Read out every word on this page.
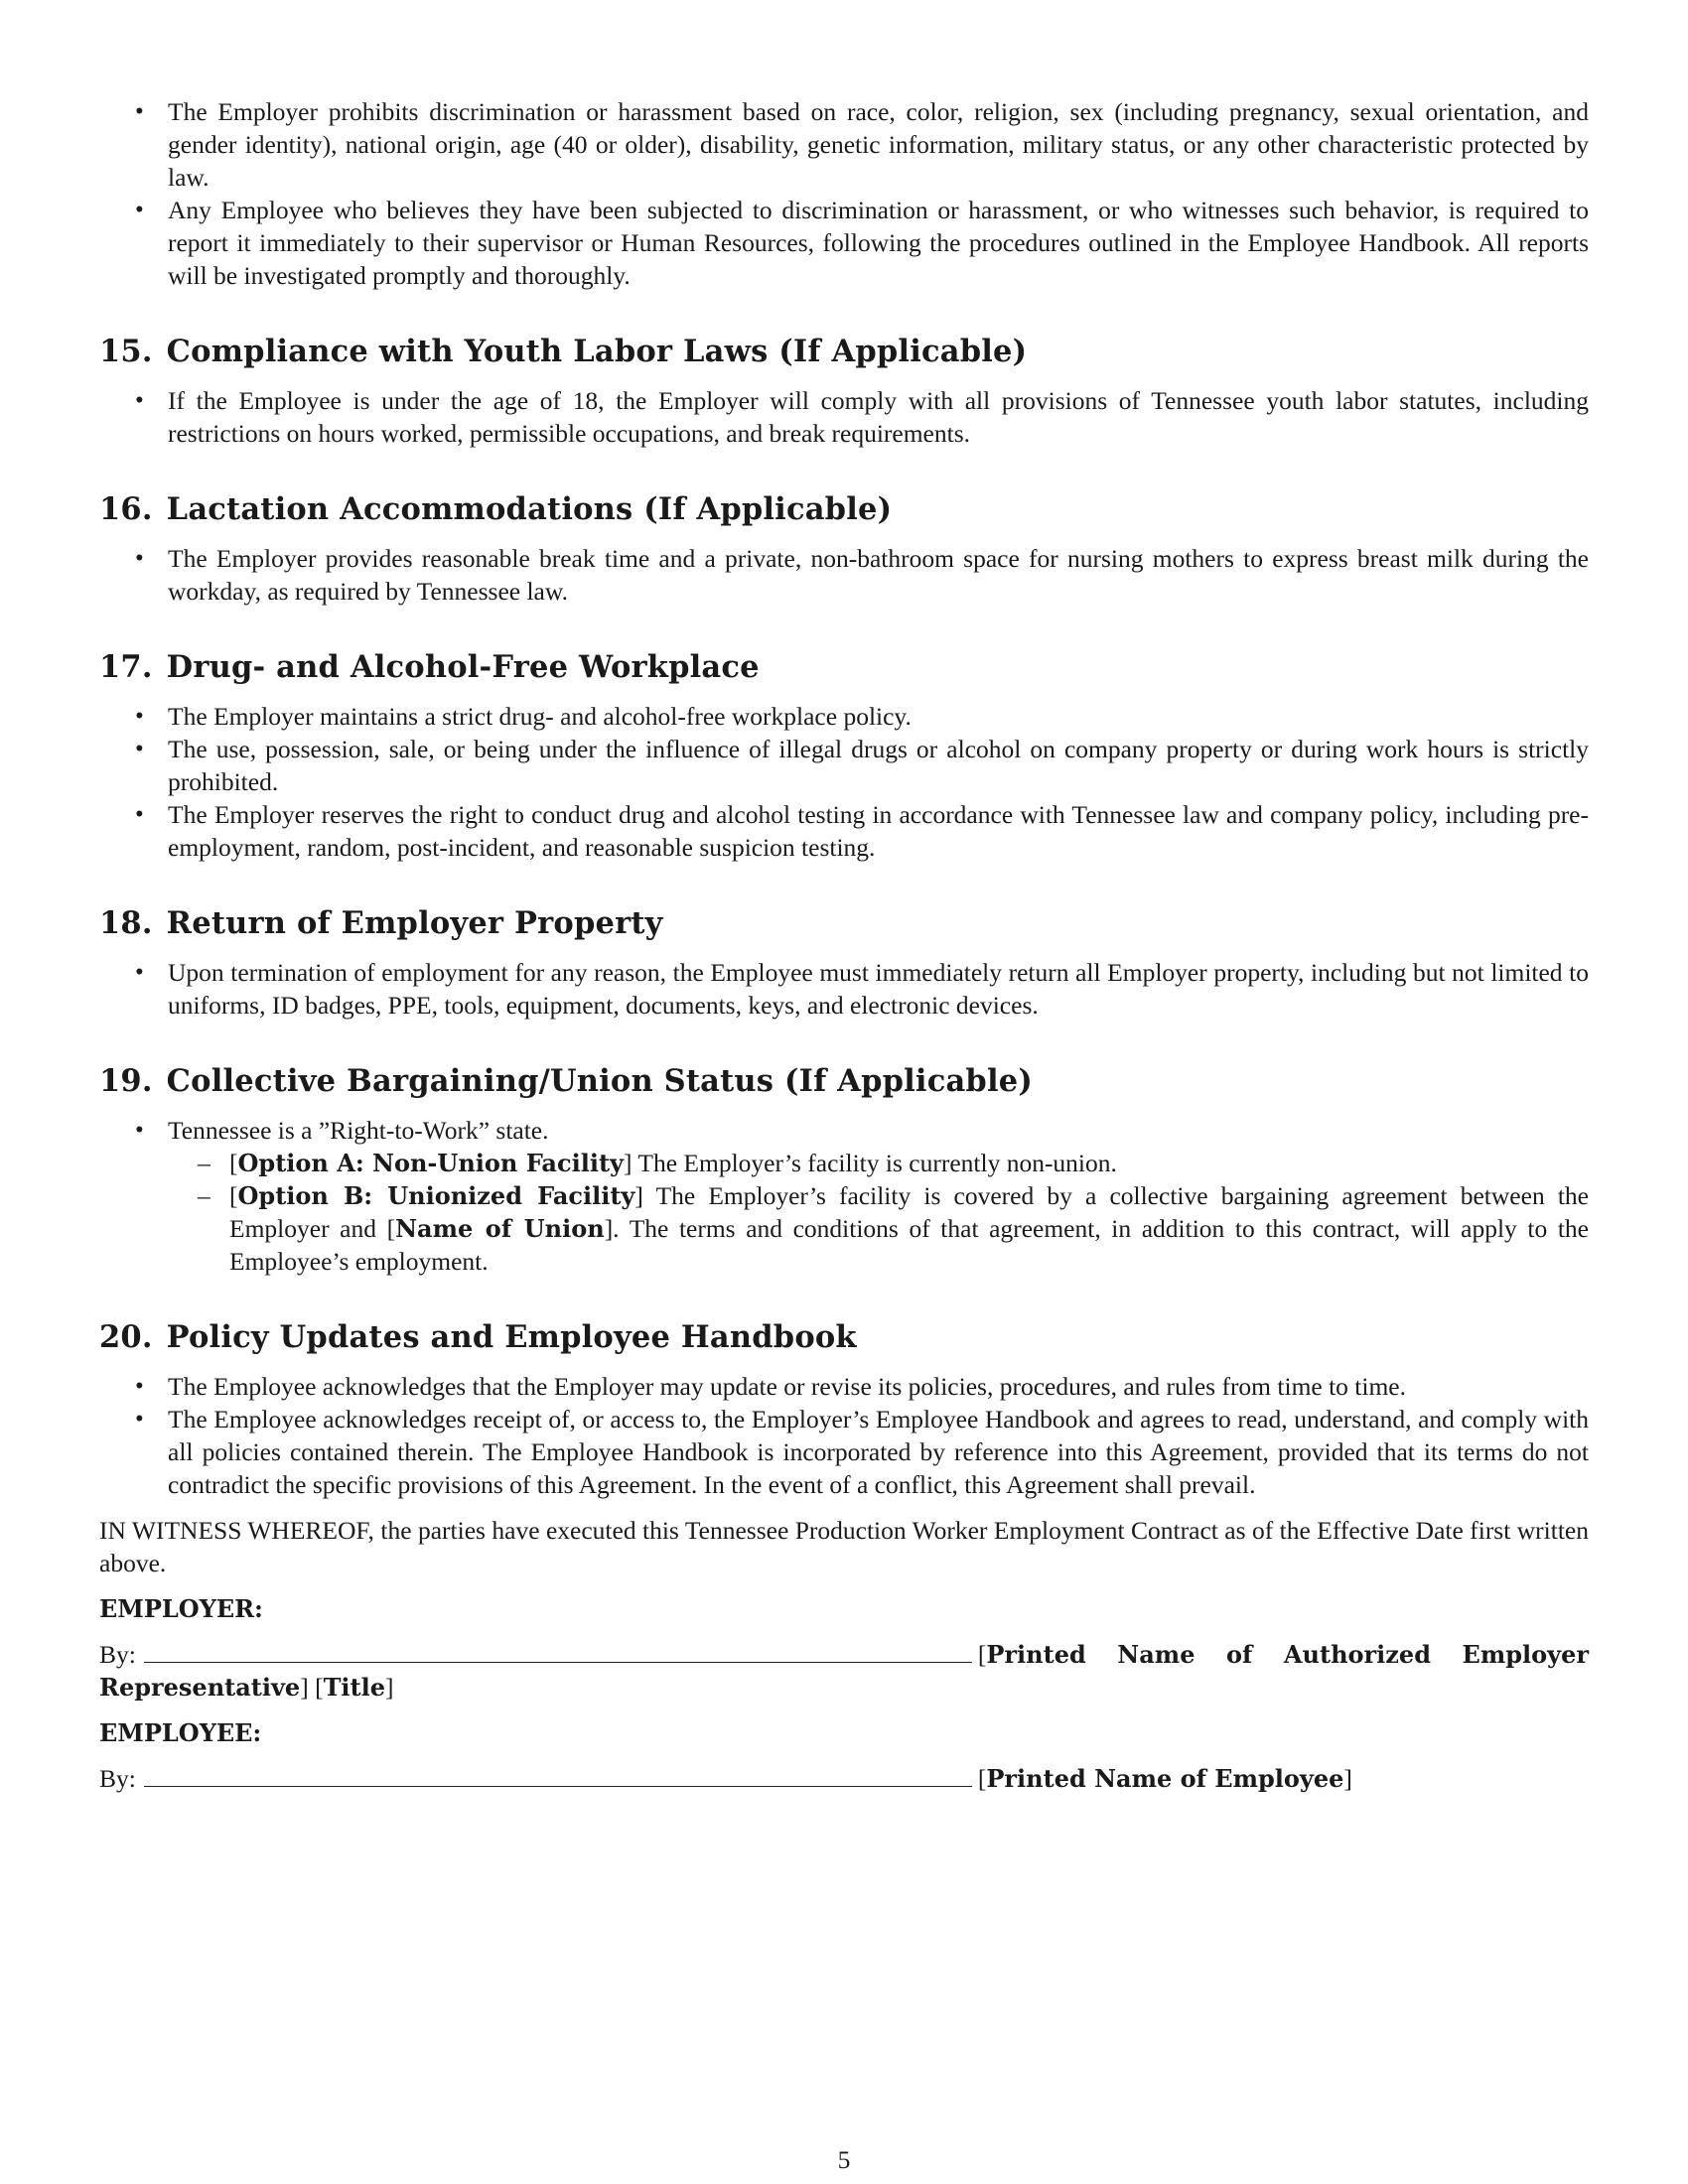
• The Employer prohibits discrimination or harassment based on race, color, religion, sex (including pregnancy, sexual orientation, and gender identity), national origin, age (40 or older), disability, genetic information, military status, or any other characteristic protected by law.
• Any Employee who believes they have been subjected to discrimination or harassment, or who witnesses such behavior, is required to report it immediately to their supervisor or Human Resources, following the procedures outlined in the Employee Handbook. All reports will be investigated promptly and thoroughly.
15. Compliance with Youth Labor Laws (If Applicable)
• If the Employee is under the age of 18, the Employer will comply with all provisions of Tennessee youth labor statutes, including restrictions on hours worked, permissible occupations, and break requirements.
16. Lactation Accommodations (If Applicable)
• The Employer provides reasonable break time and a private, non-bathroom space for nursing mothers to express breast milk during the workday, as required by Tennessee law.
17. Drug- and Alcohol-Free Workplace
• The Employer maintains a strict drug- and alcohol-free workplace policy.
• The use, possession, sale, or being under the influence of illegal drugs or alcohol on company property or during work hours is strictly prohibited.
• The Employer reserves the right to conduct drug and alcohol testing in accordance with Tennessee law and company policy, including pre-employment, random, post-incident, and reasonable suspicion testing.
18. Return of Employer Property
• Upon termination of employment for any reason, the Employee must immediately return all Employer property, including but not limited to uniforms, ID badges, PPE, tools, equipment, documents, keys, and electronic devices.
19. Collective Bargaining/Union Status (If Applicable)
• Tennessee is a ”Right-to-Work” state.
– [Option A: Non-Union Facility] The Employer’s facility is currently non-union.
– [Option B: Unionized Facility] The Employer’s facility is covered by a collective bargaining agreement between the Employer and [Name of Union]. The terms and conditions of that agreement, in addition to this contract, will apply to the Employee’s employment.
20. Policy Updates and Employee Handbook
• The Employee acknowledges that the Employer may update or revise its policies, procedures, and rules from time to time.
• The Employee acknowledges receipt of, or access to, the Employer’s Employee Handbook and agrees to read, understand, and comply with all policies contained therein. The Employee Handbook is incorporated by reference into this Agreement, provided that its terms do not contradict the specific provisions of this Agreement. In the event of a conflict, this Agreement shall prevail.

IN WITNESS WHEREOF, the parties have executed this Tennessee Production Worker Employment Contract as of the Effective Date first written above.

EMPLOYER:

By:	[Printed Name of Authorized Employer Representative] [Title]

EMPLOYEE:

By:	[Printed Name of Employee]

5
